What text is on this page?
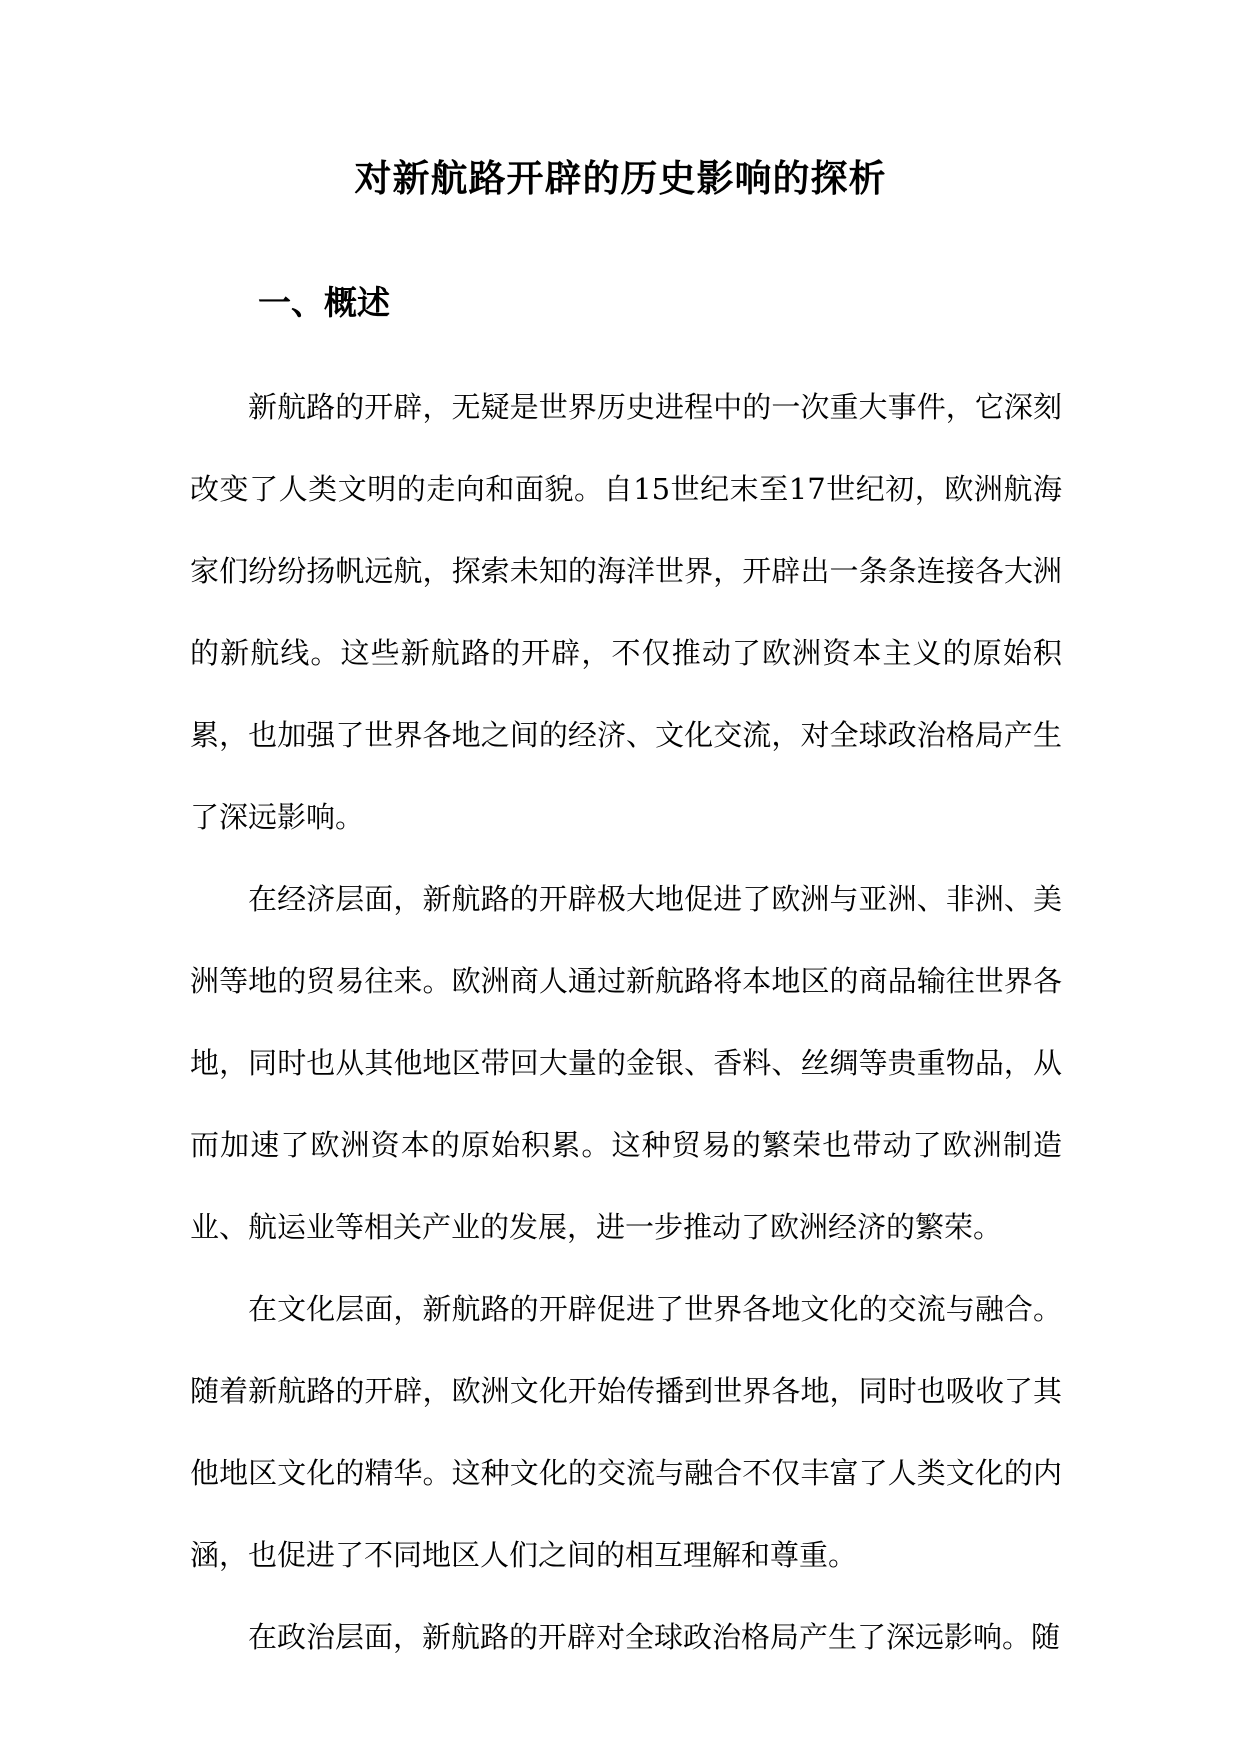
对新航路开辟的历史影响的探析
一、概述

新航路的开辟，无疑是世界历史进程中的一次重大事件，它深刻改变了人类文明的走向和面貌。自15世纪末至17世纪初，欧洲航海家们纷纷扬帆远航，探索未知的海洋世界，开辟出一条条连接各大洲的新航线。这些新航路的开辟，不仅推动了欧洲资本主义的原始积累，也加强了世界各地之间的经济、文化交流，对全球政治格局产生了深远影响。

在经济层面，新航路的开辟极大地促进了欧洲与亚洲、非洲、美洲等地的贸易往来。欧洲商人通过新航路将本地区的商品输往世界各地，同时也从其他地区带回大量的金银、香料、丝绸等贵重物品，从而加速了欧洲资本的原始积累。这种贸易的繁荣也带动了欧洲制造业、航运业等相关产业的发展，进一步推动了欧洲经济的繁荣。

在文化层面，新航路的开辟促进了世界各地文化的交流与融合。随着新航路的开辟，欧洲文化开始传播到世界各地，同时也吸收了其他地区文化的精华。这种文化的交流与融合不仅丰富了人类文化的内涵，也促进了不同地区人们之间的相互理解和尊重。

在政治层面，新航路的开辟对全球政治格局产生了深远影响。随
